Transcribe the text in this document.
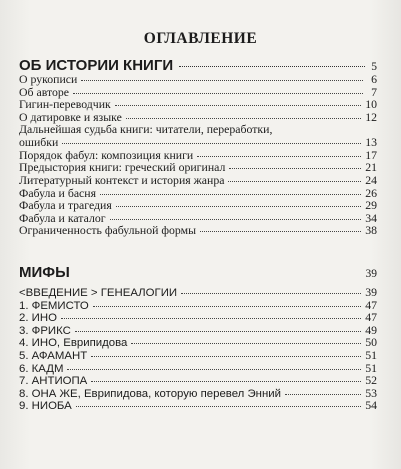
ОГЛАВЛЕНИЕ
ОБ ИСТОРИИ КНИГИ	5
О рукописи	6
Об авторе	7
Гигин-переводчик	10
О датировке и языке	12
Дальнейшая судьба книги: читатели, переработки,
ошибки	13
Порядок фабул: композиция книги	17
Предыстория книги: греческий оригинал	21
Литературный контекст и история жанра	24
Фабула и басня	26
Фабула и трагедия	29
Фабула и каталог	34
Ограниченность фабульной формы	38
МИФЫ	39
<ВВЕДЕНИЕ > ГЕНЕАЛОГИИ	39
1. ФЕМИСТО	47
2. ИНО	47
3. ФРИКС	49
4. ИНО, Еврипидова	50
5. АФАМАНТ	51
6. КАДМ	51
7. АНТИОПА	52
8. ОНА ЖЕ, Еврипидова, которую перевел Энний	53
9. НИОБА	54
